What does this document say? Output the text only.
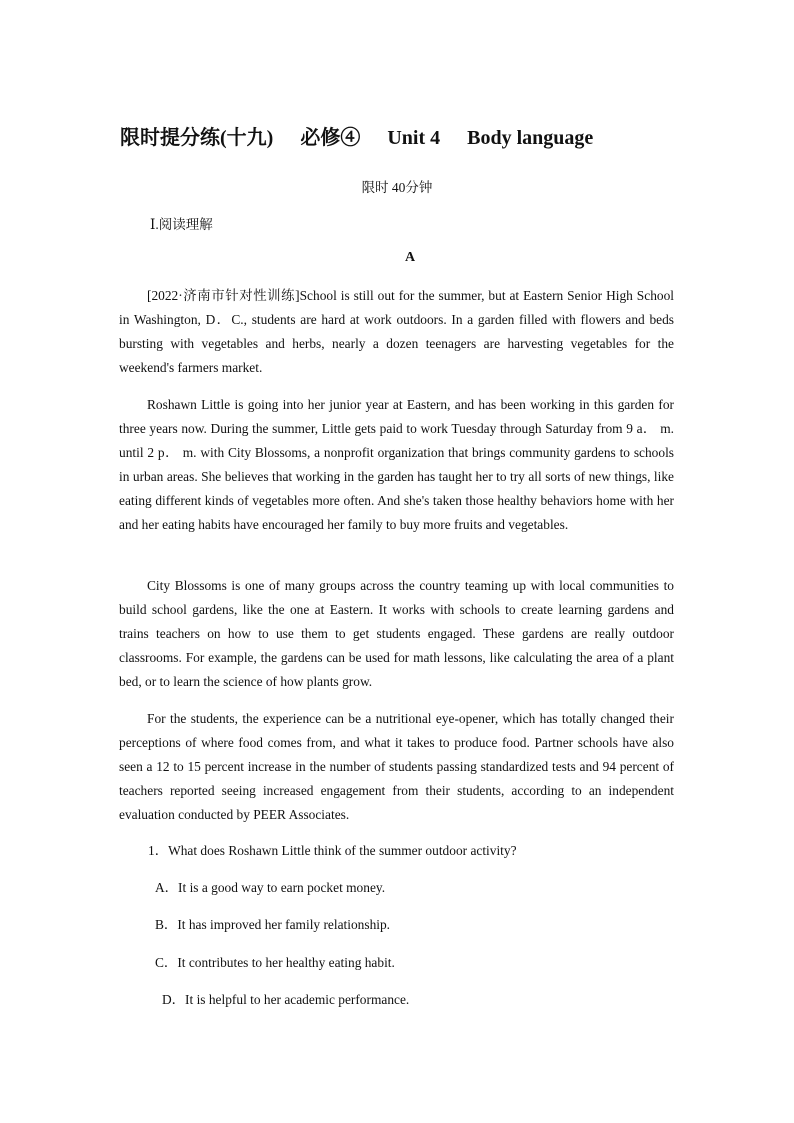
限时提分练(十九) 必修④ Unit 4 Body language
限时 40分钟
Ⅰ.阅读理解
A

[2022·济南市针对性训练]School is still out for the summer, but at Eastern Senior High School in Washington, D．C., students are hard at work outdoors. In a garden filled with flowers and beds bursting with vegetables and herbs, nearly a dozen teenagers are harvesting vegetables for the weekend's farmers market.

Roshawn Little is going into her junior year at Eastern, and has been working in this garden for three years now. During the summer, Little gets paid to work Tuesday through Saturday from 9 a． m. until 2 p． m. with City Blossoms, a nonprofit organization that brings community gardens to schools in urban areas. She believes that working in the garden has taught her to try all sorts of new things, like eating different kinds of vegetables more often. And she's taken those healthy behaviors home with her and her eating habits have encouraged her family to buy more fruits and vegetables.

City Blossoms is one of many groups across the country teaming up with local communities to build school gardens, like the one at Eastern. It works with schools to create learning gardens and trains teachers on how to use them to get students engaged. These gardens are really outdoor classrooms. For example, the gardens can be used for math lessons, like calculating the area of a plant bed, or to learn the science of how plants grow.

For the students, the experience can be a nutritional eye-opener, which has totally changed their perceptions of where food comes from, and what it takes to produce food. Partner schools have also seen a 12 to 15 percent increase in the number of students passing standardized tests and 94 percent of teachers reported seeing increased engagement from their students, according to an independent evaluation conducted by PEER Associates.

1．What does Roshawn Little think of the summer outdoor activity?
A．It is a good way to earn pocket money.
B．It has improved her family relationship.
C．It contributes to her healthy eating habit.
D．It is helpful to her academic performance.
